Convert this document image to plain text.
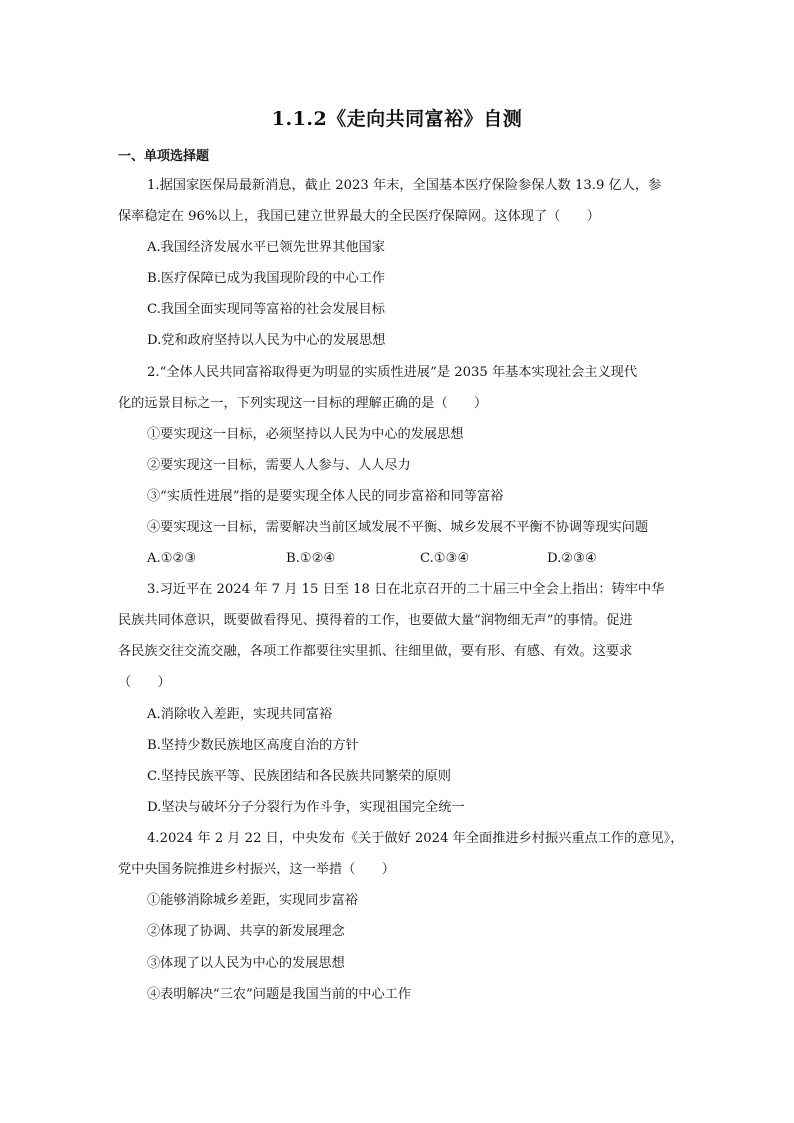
1.1.2《走向共同富裕》自测
一、单项选择题
1.据国家医保局最新消息，截止 2023 年末，全国基本医疗保险参保人数 13.9 亿人，参
保率稳定在 96%以上，我国已建立世界最大的全民医疗保障网。这体现了（　　）
A.我国经济发展水平已领先世界其他国家
B.医疗保障已成为我国现阶段的中心工作
C.我国全面实现同等富裕的社会发展目标
D.党和政府坚持以人民为中心的发展思想
2.“全体人民共同富裕取得更为明显的实质性进展”是 2035 年基本实现社会主义现代
化的远景目标之一，下列实现这一目标的理解正确的是（　　）
①要实现这一目标，必须坚持以人民为中心的发展思想
②要实现这一目标，需要人人参与、人人尽力
③“实质性进展”指的是要实现全体人民的同步富裕和同等富裕
④要实现这一目标，需要解决当前区域发展不平衡、城乡发展不平衡不协调等现实问题
A.①②③	B.①②④	C.①③④	D.②③④
3.习近平在 2024 年 7 月 15 日至 18 日在北京召开的二十届三中全会上指出：铸牢中华
民族共同体意识，既要做看得见、摸得着的工作，也要做大量“润物细无声”的事情。促进
各民族交往交流交融，各项工作都要往实里抓、往细里做，要有形、有感、有效。这要求
（　　）
A.消除收入差距，实现共同富裕
B.坚持少数民族地区高度自治的方针
C.坚持民族平等、民族团结和各民族共同繁荣的原则
D.坚决与破坏分子分裂行为作斗争，实现祖国完全统一
4.2024 年 2 月 22 日，中央发布《关于做好 2024 年全面推进乡村振兴重点工作的意见》，
党中央国务院推进乡村振兴，这一举措（　　）
①能够消除城乡差距，实现同步富裕
②体现了协调、共享的新发展理念
③体现了以人民为中心的发展思想
④表明解决“三农”问题是我国当前的中心工作
